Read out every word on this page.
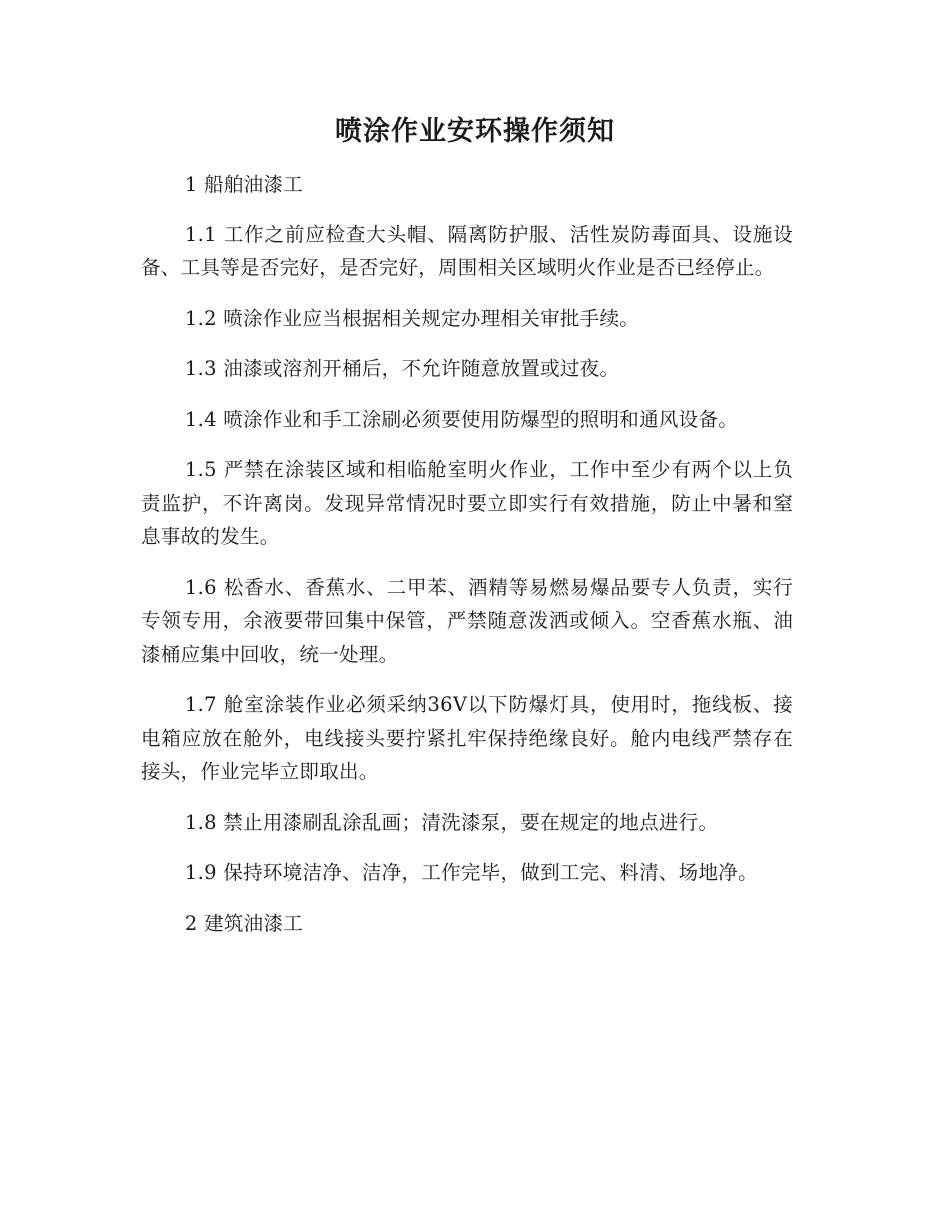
喷涂作业安环操作须知

1 船舶油漆工

1.1 工作之前应检查大头帽、隔离防护服、活性炭防毒面具、设施设备、工具等是否完好，是否完好，周围相关区域明火作业是否已经停止。

1.2 喷涂作业应当根据相关规定办理相关审批手续。

1.3 油漆或溶剂开桶后，不允许随意放置或过夜。

1.4 喷涂作业和手工涂刷必须要使用防爆型的照明和通风设备。

1.5 严禁在涂装区域和相临舱室明火作业，工作中至少有两个以上负责监护，不许离岗。发现异常情况时要立即实行有效措施，防止中暑和窒息事故的发生。

1.6 松香水、香蕉水、二甲苯、酒精等易燃易爆品要专人负责，实行专领专用，余液要带回集中保管，严禁随意泼洒或倾入。空香蕉水瓶、油漆桶应集中回收，统一处理。

1.7 舱室涂装作业必须采纳36V以下防爆灯具，使用时，拖线板、接电箱应放在舱外，电线接头要拧紧扎牢保持绝缘良好。舱内电线严禁存在接头，作业完毕立即取出。

1.8 禁止用漆刷乱涂乱画；清洗漆泵，要在规定的地点进行。

1.9 保持环境洁净、洁净，工作完毕，做到工完、料清、场地净。

2 建筑油漆工
